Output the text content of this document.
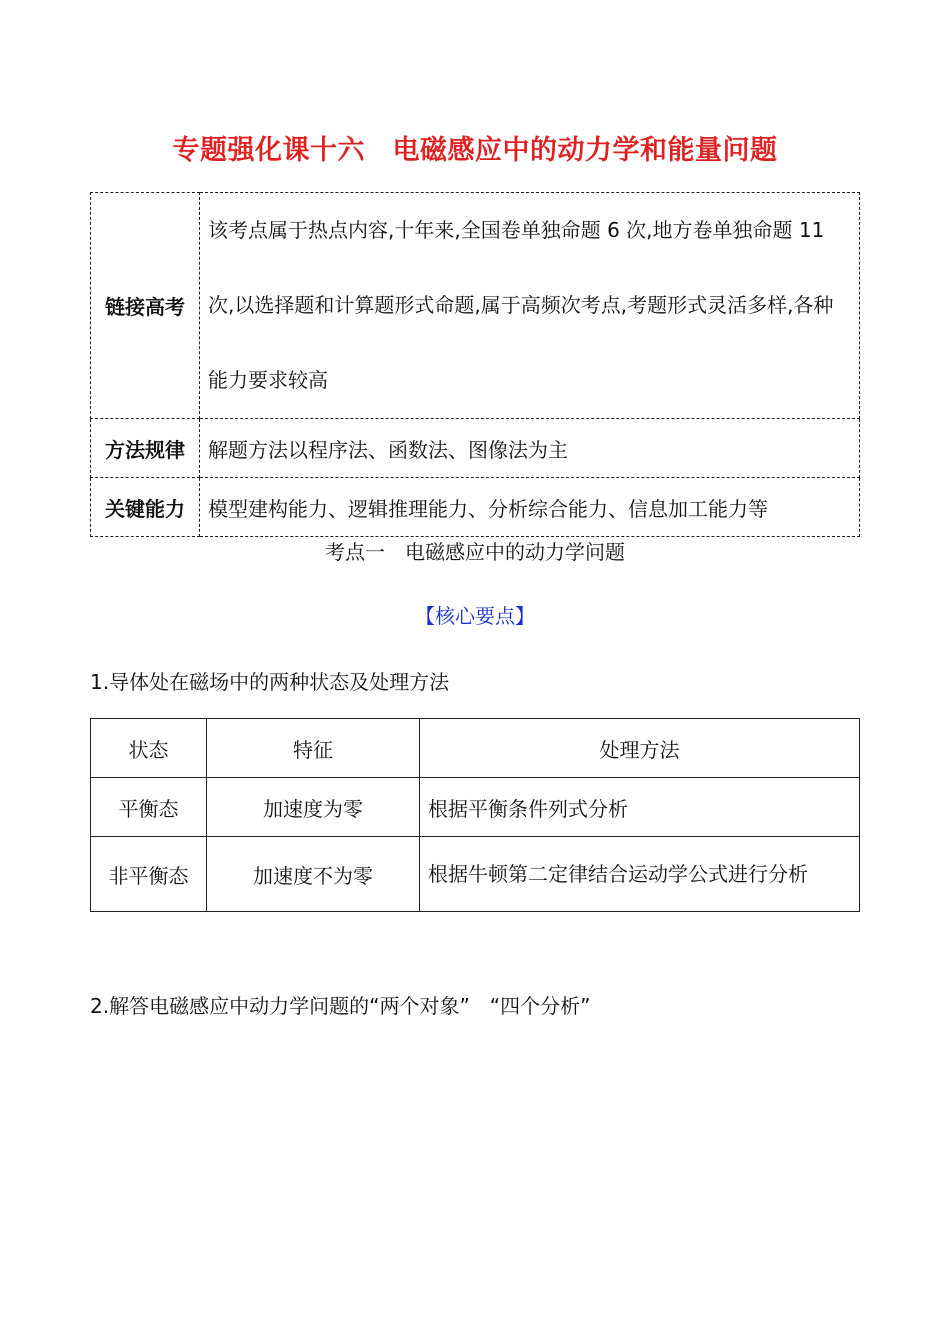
专题强化课十六　电磁感应中的动力学和能量问题
链接高考	该考点属于热点内容,十年来,全国卷单独命题 6 次,地方卷单独命题 11 次,以选择题和计算题形式命题,属于高频次考点,考题形式灵活多样,各种能力要求较高
方法规律	解题方法以程序法、函数法、图像法为主
关键能力	模型建构能力、逻辑推理能力、分析综合能力、信息加工能力等
考点一　电磁感应中的动力学问题
【核心要点】
1.导体处在磁场中的两种状态及处理方法
状态	特征	处理方法
平衡态	加速度为零	根据平衡条件列式分析
非平衡态	加速度不为零	根据牛顿第二定律结合运动学公式进行分析
2.解答电磁感应中动力学问题的“两个对象”　“四个分析”
